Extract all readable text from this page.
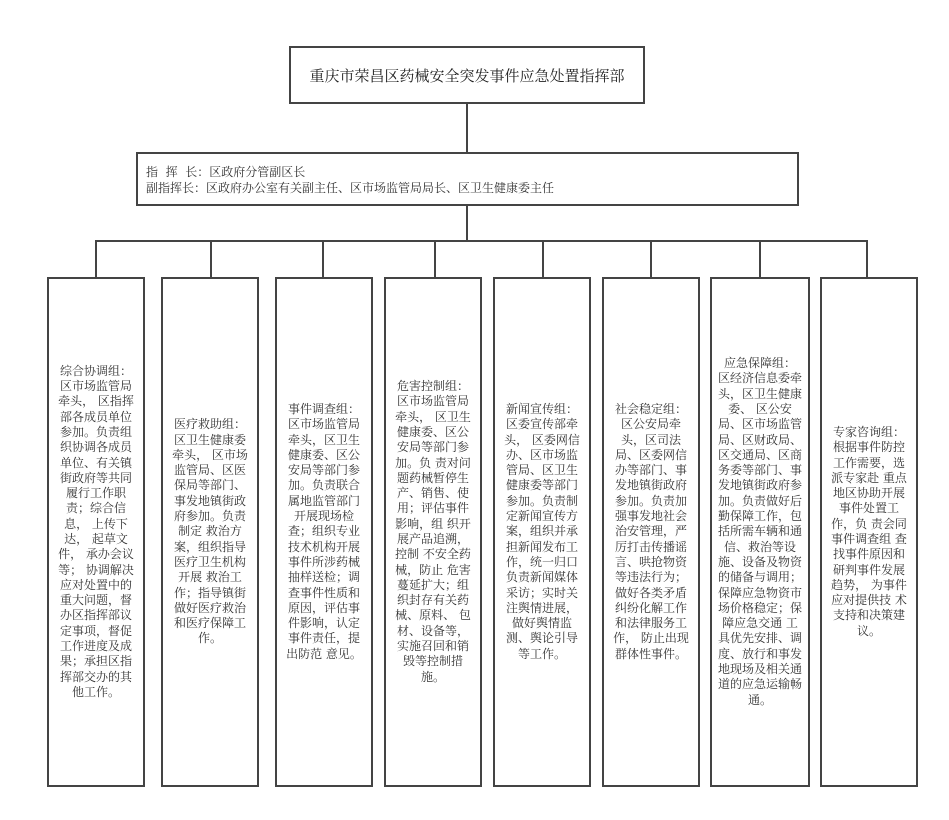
重庆市荣昌区药械安全突发事件应急处置指挥部
指  挥  长：区政府分管副区长
副指挥长：区政府办公室有关副主任、区市场监管局局长、区卫生健康委主任
综合协调组：
区市场监管局牵头， 区指挥部各成员单位参加。负责组织协调各成员单位、有关镇街政府等共同履行工作职责；综合信息， 上传下达， 起草文件， 承办会议等； 协调解决应对处置中的重大问题，督办区指挥部议定事项，督促工作进度及成果；承担区指挥部交办的其他工作。
医疗救助组：
区卫生健康委牵头， 区市场监管局、区医保局等部门、事发地镇街政府参加。负责制定 救治方案，组织指导 医疗卫生机构开展 救治工作；指导镇街做好医疗救治 和医疗保障工作。
事件调查组：
区市场监管局牵头，区卫生健康委、区公安局等部门参加。负责联合属地监管部门开展现场检查；组织专业技术机构开展事件所涉药械抽样送检；调 查事件性质和原因，评估事件影响，认定 事件责任，提出防范 意见。
危害控制组：
区市场监管局牵头， 区卫生健康委、区公安局等部门参加。负 责对问题药械暂停生 产、销售、使用；评估事件影响，组 织开展产品追溯，控制 不安全药械，防止 危害蔓延扩大；组织封存有关药械、原料、 包材、设备等，实施召回和销毁等控制措施。
新闻宣传组：
区委宣传部牵头， 区委网信办、区市场监管局、区卫生健康委等部门参加。负责制定新闻宣传方案，组织并承担新闻发布工作，统一归口负责新闻媒体采访；实时关注舆情进展，做好舆情监测、舆论引导等工作。
社会稳定组：
区公安局牵头，区司法局、区委网信办等部门、事发地镇街政府参加。负责加强事发地社会治安管理，严厉打击传播谣言、哄抢物资等违法行为； 做好各类矛盾纠纷化解工作和法律服务工作， 防止出现群体性事件。
应急保障组：
区经济信息委牵头，区卫生健康委、 区公安局、区市场监管局、区财政局、区交通局、区商务委等部门、事发地镇街政府参加。负责做好后勤保障工作，包括所需车辆和通信、救治等设施、设备及物资的储备与调用；保障应急物资市场价格稳定；保障应急交通 工具优先安排、调度、放行和事发地现场及相关通道的应急运输畅通。
专家咨询组：
根据事件防控工作需要，选派专家赴 重点地区协助开展 事件处置工作，负 责会同事件调查组 查找事件原因和研判事件发展趋势， 为事件应对提供技 术支持和决策建 议。
